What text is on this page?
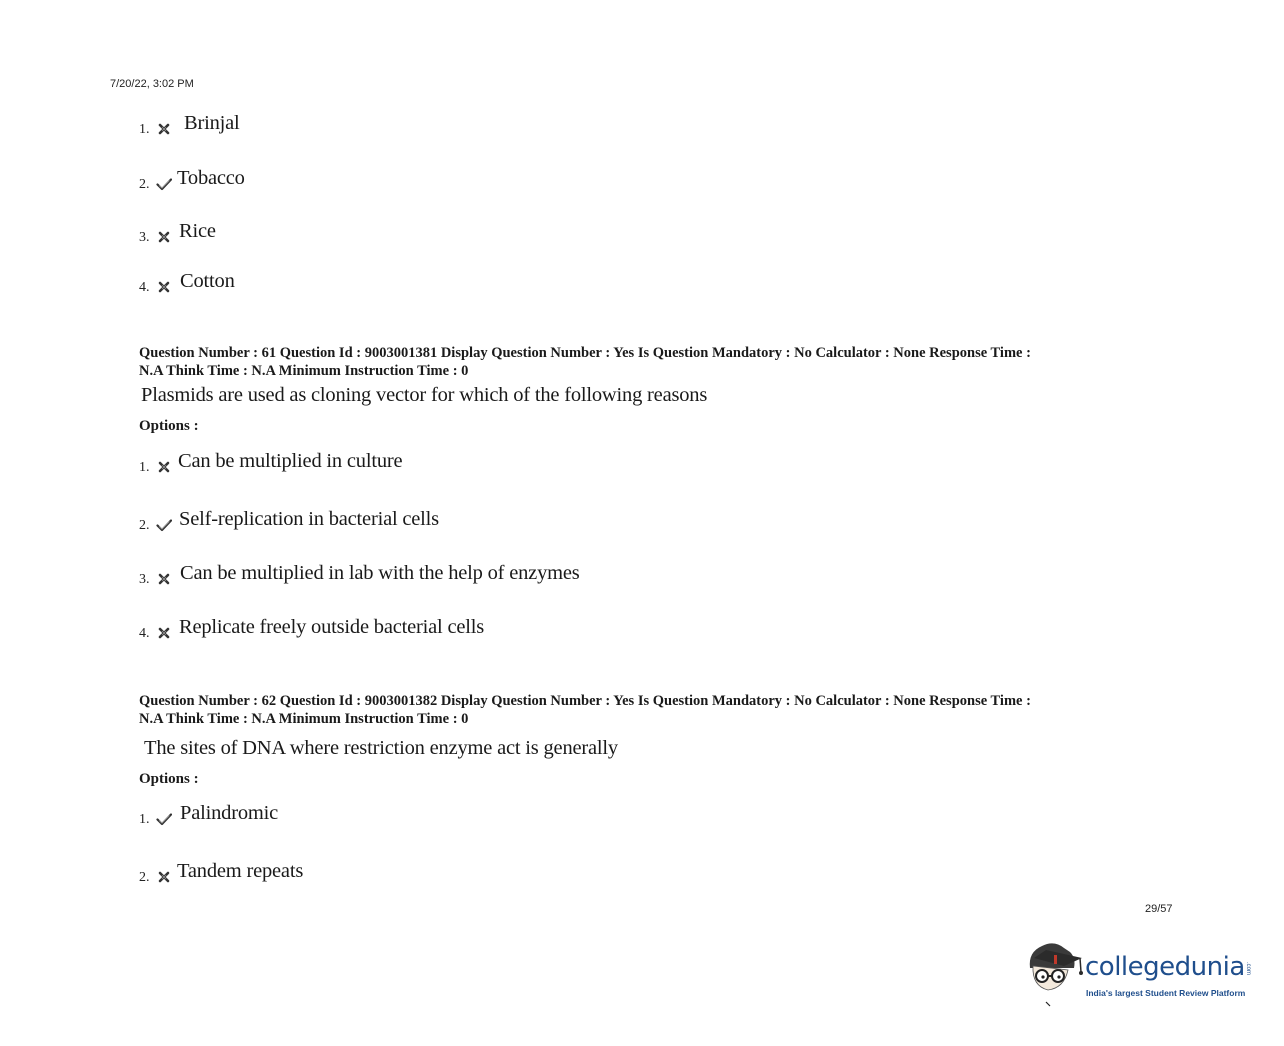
7/20/22, 3:02 PM
1. Brinjal
2. Tobacco
3. Rice
4. Cotton
Question Number : 61 Question Id : 9003001381 Display Question Number : Yes Is Question Mandatory : No Calculator : None Response Time :
N.A Think Time : N.A Minimum Instruction Time : 0
Plasmids are used as cloning vector for which of the following reasons
Options :
1. Can be multiplied in culture
2. Self-replication in bacterial cells
3. Can be multiplied in lab with the help of enzymes
4. Replicate freely outside bacterial cells
Question Number : 62 Question Id : 9003001382 Display Question Number : Yes Is Question Mandatory : No Calculator : None Response Time :
N.A Think Time : N.A Minimum Instruction Time : 0
The sites of DNA where restriction enzyme act is generally
Options :
1. Palindromic
2. Tandem repeats
29/57
collegedunia .com
India's largest Student Review Platform
